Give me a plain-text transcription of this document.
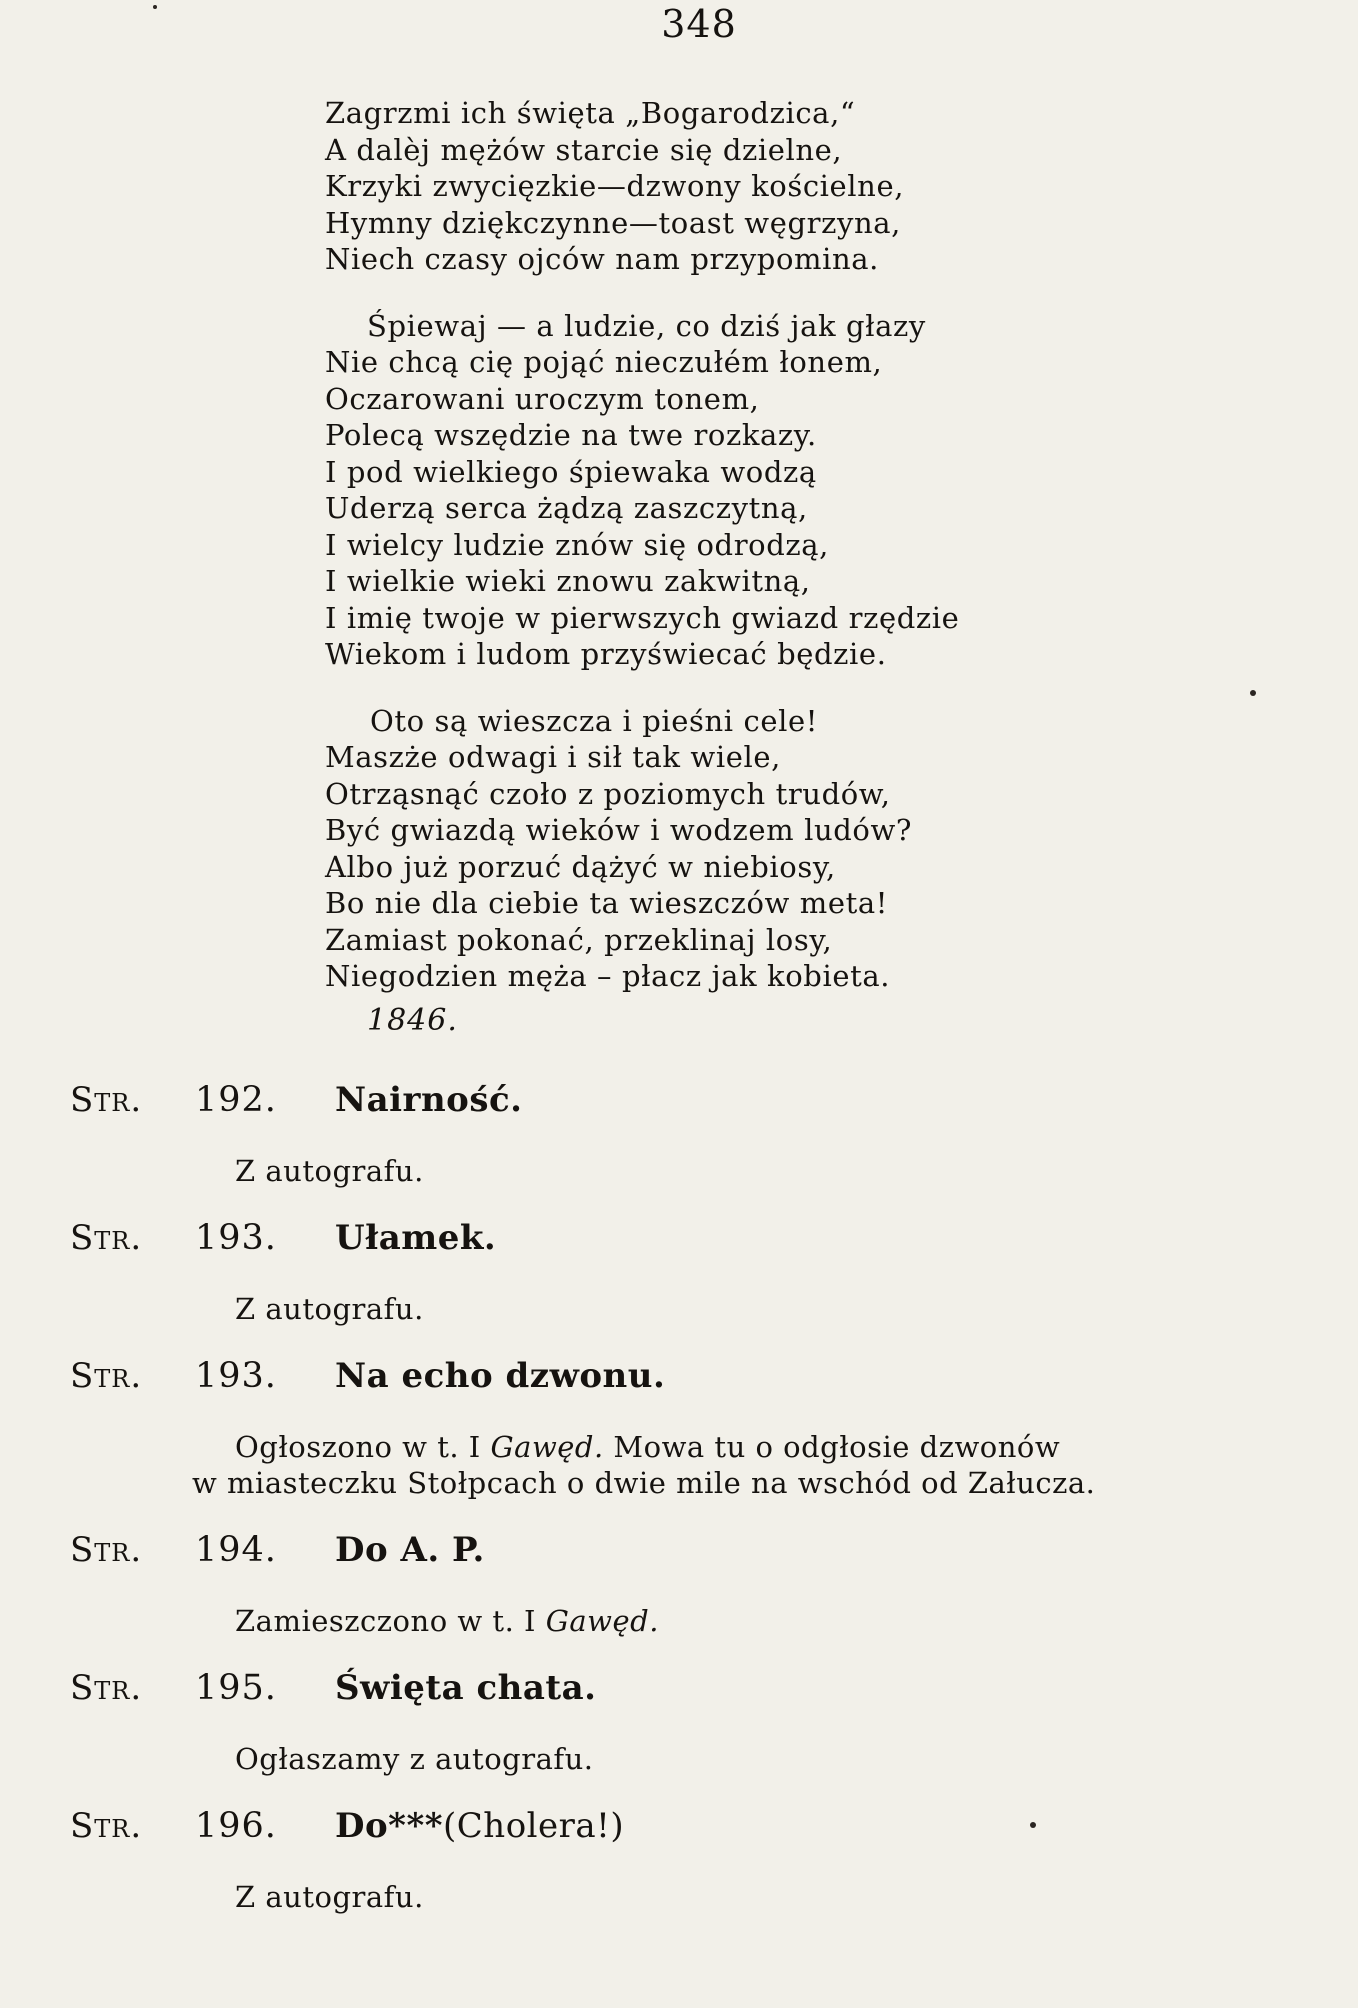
348
Zagrzmi ich święta „Bogarodzica,“
A dalèj mężów starcie się dzielne,
Krzyki zwycięzkie—dzwony kościelne,
Hymny dziękczynne—toast węgrzyna,
Niech czasy ojców nam przypomina.
Śpiewaj — a ludzie, co dziś jak głazy
Nie chcą cię pojąć nieczułém łonem,
Oczarowani uroczym tonem,
Polecą wszędzie na twe rozkazy.
I pod wielkiego śpiewaka wodzą
Uderzą serca żądzą zaszczytną,
I wielcy ludzie znów się odrodzą,
I wielkie wieki znowu zakwitną,
I imię twoje w pierwszych gwiazd rzędzie
Wiekom i ludom przyświecać będzie.
Oto są wieszcza i pieśni cele!
Maszże odwagi i sił tak wiele,
Otrząsnąć czoło z poziomych trudów,
Być gwiazdą wieków i wodzem ludów?
Albo już porzuć dążyć w niebiosy,
Bo nie dla ciebie ta wieszczów meta!
Zamiast pokonać, przeklinaj losy,
Niegodzien męża – płacz jak kobieta.
1846.
Str.	192.	Nairność.
Z autografu.
Str.	193.	Ułamek.
Z autografu.
Str.	193.	Na echo dzwonu.
Ogłoszono w t. I Gawęd. Mowa tu o odgłosie dzwonów
w miasteczku Stołpcach o dwie mile na wschód od Załucza.
Str.	194.	Do A. P.
Zamieszczono w t. I Gawęd.
Str.	195.	Święta chata.
Ogłaszamy z autografu.
Str.	196.	Do*** (Cholera!)
Z autografu.
